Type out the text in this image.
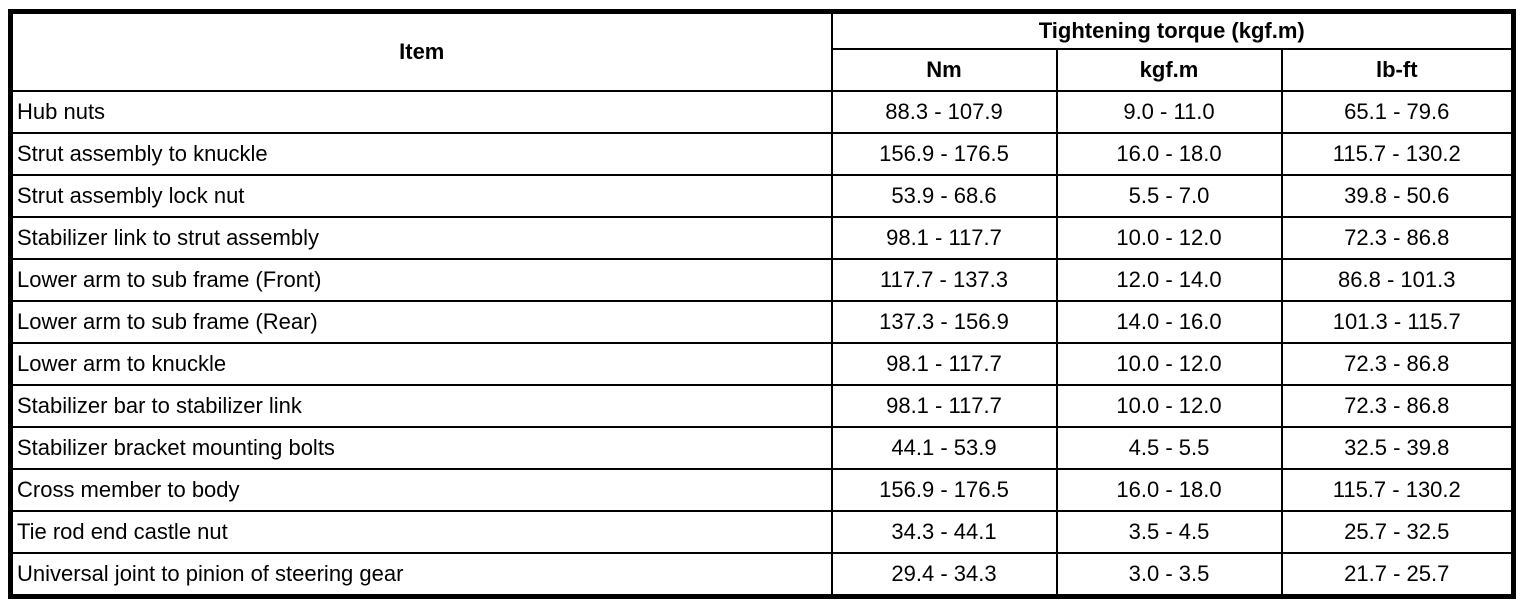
Item	Tightening torque (kgf.m)		
	Nm	kgf.m	lb-ft
Hub nuts	88.3 - 107.9	9.0 - 11.0	65.1 - 79.6
Strut assembly to knuckle	156.9 - 176.5	16.0 - 18.0	115.7 - 130.2
Strut assembly lock nut	53.9 - 68.6	5.5 - 7.0	39.8 - 50.6
Stabilizer link to strut assembly	98.1 - 117.7	10.0 - 12.0	72.3 - 86.8
Lower arm to sub frame (Front)	117.7 - 137.3	12.0 - 14.0	86.8 - 101.3
Lower arm to sub frame (Rear)	137.3 - 156.9	14.0 - 16.0	101.3 - 115.7
Lower arm to knuckle	98.1 - 117.7	10.0 - 12.0	72.3 - 86.8
Stabilizer bar to stabilizer link	98.1 - 117.7	10.0 - 12.0	72.3 - 86.8
Stabilizer bracket mounting bolts	44.1 - 53.9	4.5 - 5.5	32.5 - 39.8
Cross member to body	156.9 - 176.5	16.0 - 18.0	115.7 - 130.2
Tie rod end castle nut	34.3 - 44.1	3.5 - 4.5	25.7 - 32.5
Universal joint to pinion of steering gear	29.4 - 34.3	3.0 - 3.5	21.7 - 25.7
